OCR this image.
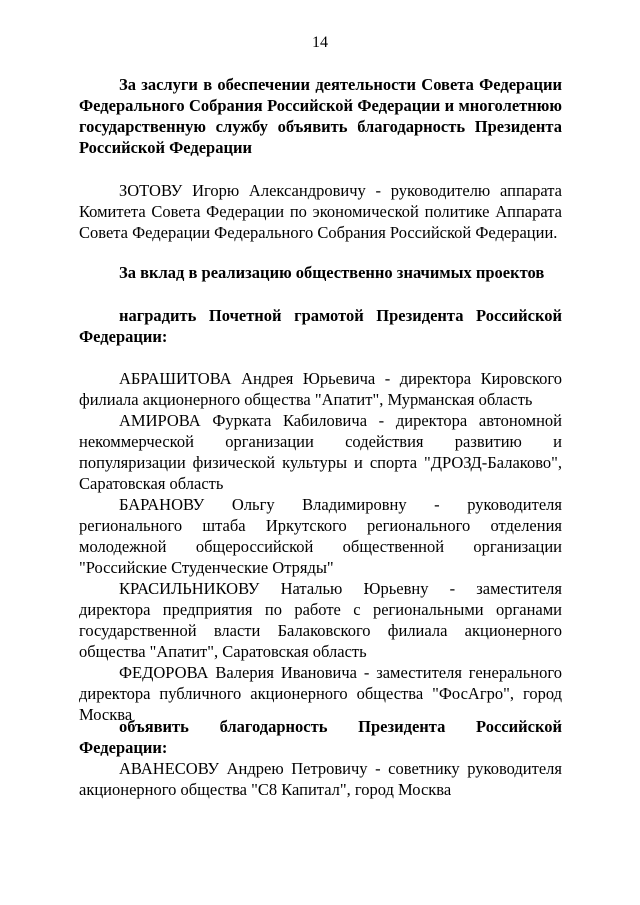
14

За заслуги в обеспечении деятельности Совета Федерации Федерального Собрания Российской Федерации и многолетнюю государственную службу объявить благодарность Президента Российской Федерации

ЗОТОВУ Игорю Александровичу - руководителю аппарата Комитета Совета Федерации по экономической политике Аппарата Совета Федерации Федерального Собрания Российской Федерации.

За вклад в реализацию общественно значимых проектов

наградить Почетной грамотой Президента Российской Федерации:

АБРАШИТОВА Андрея Юрьевича - директора Кировского филиала акционерного общества "Апатит", Мурманская область

АМИРОВА Фурката Кабиловича - директора автономной некоммерческой организации содействия развитию и популяризации физической культуры и спорта "ДРОЗД-Балаково", Саратовская область

БАРАНОВУ Ольгу Владимировну - руководителя регионального штаба Иркутского регионального отделения молодежной общероссийской общественной организации "Российские Студенческие Отряды"

КРАСИЛЬНИКОВУ Наталью Юрьевну - заместителя директора предприятия по работе с региональными органами государственной власти Балаковского филиала акционерного общества "Апатит", Саратовская область

ФЕДОРОВА Валерия Ивановича - заместителя генерального директора публичного акционерного общества "ФосАгро", город Москва

объявить благодарность Президента Российской Федерации:

АВАНЕСОВУ Андрею Петровичу - советнику руководителя акционерного общества "С8 Капитал", город Москва
